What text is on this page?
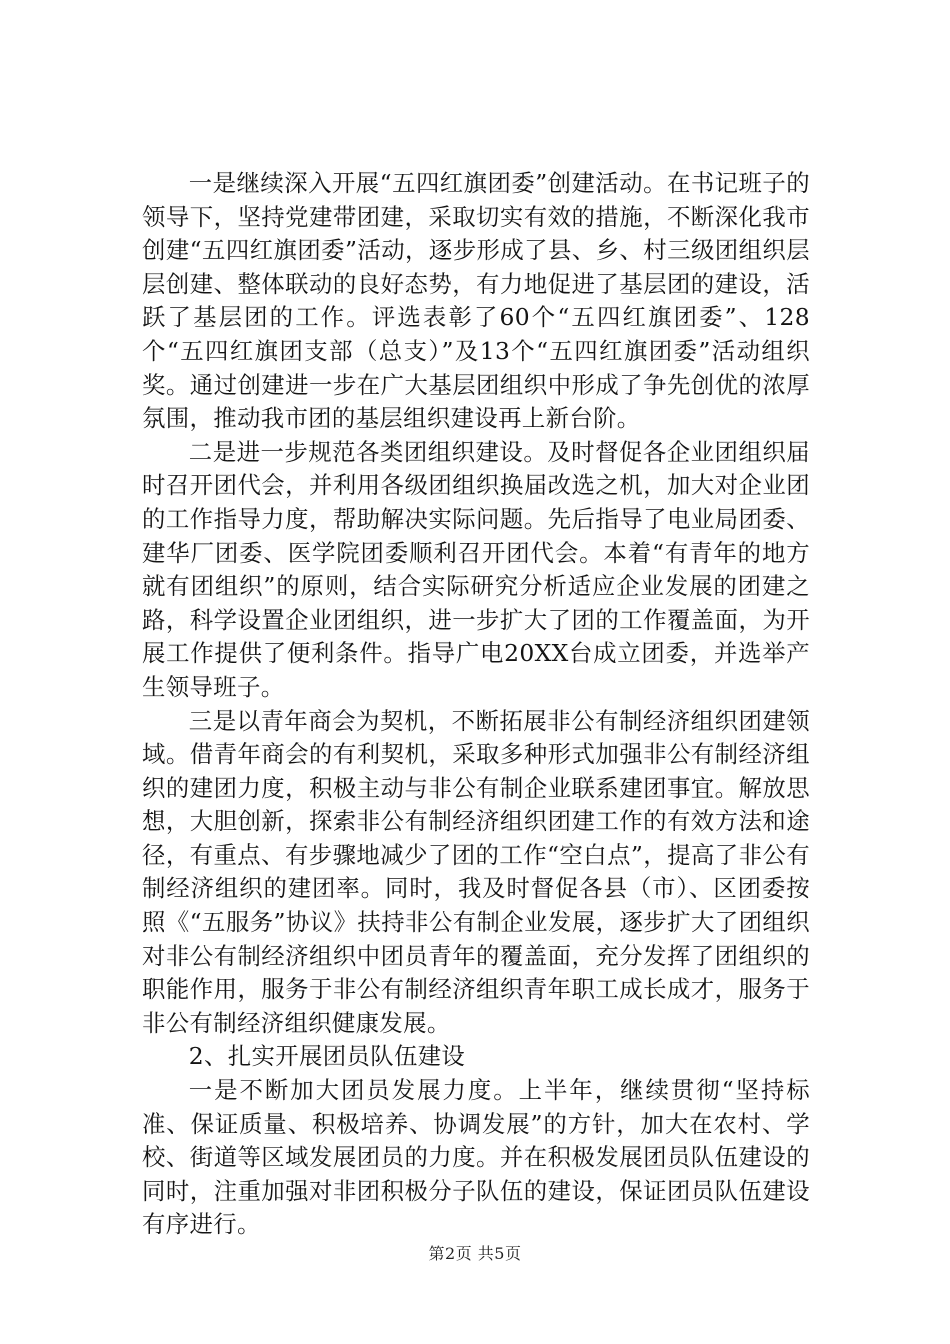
一是继续深入开展“五四红旗团委”创建活动。在书记班子的领导下，坚持党建带团建，采取切实有效的措施，不断深化我市创建“五四红旗团委”活动，逐步形成了县、乡、村三级团组织层层创建、整体联动的良好态势，有力地促进了基层团的建设，活跃了基层团的工作。评选表彰了60个“五四红旗团委”、128个“五四红旗团支部（总支）”及13个“五四红旗团委”活动组织奖。通过创建进一步在广大基层团组织中形成了争先创优的浓厚氛围，推动我市团的基层组织建设再上新台阶。

二是进一步规范各类团组织建设。及时督促各企业团组织届时召开团代会，并利用各级团组织换届改选之机，加大对企业团的工作指导力度，帮助解决实际问题。先后指导了电业局团委、建华厂团委、医学院团委顺利召开团代会。本着“有青年的地方就有团组织”的原则，结合实际研究分析适应企业发展的团建之路，科学设置企业团组织，进一步扩大了团的工作覆盖面，为开展工作提供了便利条件。指导广电20XX台成立团委，并选举产生领导班子。

三是以青年商会为契机，不断拓展非公有制经济组织团建领域。借青年商会的有利契机，采取多种形式加强非公有制经济组织的建团力度，积极主动与非公有制企业联系建团事宜。解放思想，大胆创新，探索非公有制经济组织团建工作的有效方法和途径，有重点、有步骤地减少了团的工作“空白点”，提高了非公有制经济组织的建团率。同时，我及时督促各县（市）、区团委按照《“五服务”协议》扶持非公有制企业发展，逐步扩大了团组织对非公有制经济组织中团员青年的覆盖面，充分发挥了团组织的职能作用，服务于非公有制经济组织青年职工成长成才，服务于非公有制经济组织健康发展。

2、扎实开展团员队伍建设

一是不断加大团员发展力度。上半年，继续贯彻“坚持标准、保证质量、积极培养、协调发展”的方针，加大在农村、学校、街道等区域发展团员的力度。并在积极发展团员队伍建设的同时，注重加强对非团积极分子队伍的建设，保证团员队伍建设有序进行。

第2页 共5页
